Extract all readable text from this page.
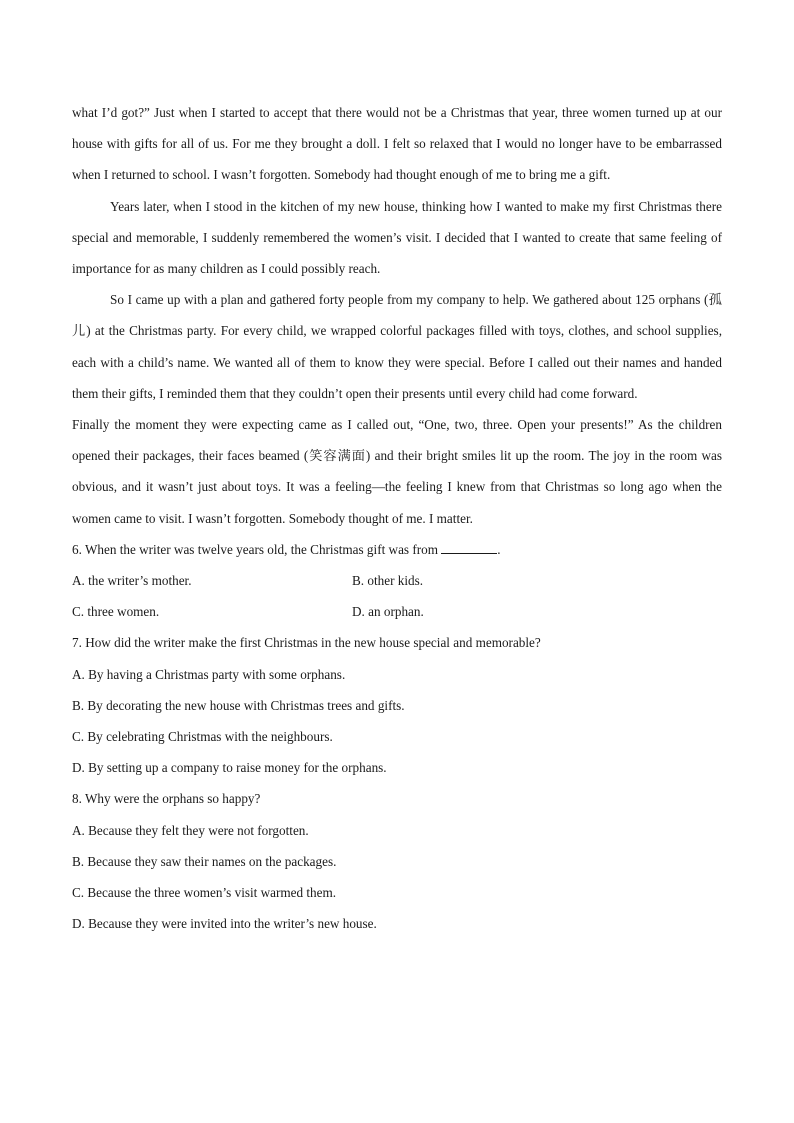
what I’d got?” Just when I started to accept that there would not be a Christmas that year, three women turned up at our house with gifts for all of us. For me they brought a doll. I felt so relaxed that I would no longer have to be embarrassed when I returned to school. I wasn’t forgotten. Somebody had thought enough of me to bring me a gift.

Years later, when I stood in the kitchen of my new house, thinking how I wanted to make my first Christmas there special and memorable, I suddenly remembered the women’s visit. I decided that I wanted to create that same feeling of importance for as many children as I could possibly reach.

So I came up with a plan and gathered forty people from my company to help. We gathered about 125 orphans (孤儿) at the Christmas party. For every child, we wrapped colorful packages filled with toys, clothes, and school supplies, each with a child’s name. We wanted all of them to know they were special. Before I called out their names and handed them their gifts, I reminded them that they couldn’t open their presents until every child had come forward.

Finally the moment they were expecting came as I called out, “One, two, three. Open your presents!” As the children opened their packages, their faces beamed (笑容满面) and their bright smiles lit up the room. The joy in the room was obvious, and it wasn’t just about toys. It was a feeling—the feeling I knew from that Christmas so long ago when the women came to visit. I wasn’t forgotten. Somebody thought of me. I matter.

6. When the writer was twelve years old, the Christmas gift was from	.

A. the writer’s mother.	B. other kids.
C. three women.	D. an orphan.

7. How did the writer make the first Christmas in the new house special and memorable?

A. By having a Christmas party with some orphans.

B. By decorating the new house with Christmas trees and gifts.

C. By celebrating Christmas with the neighbours.

D. By setting up a company to raise money for the orphans.

8. Why were the orphans so happy?

A. Because they felt they were not forgotten.

B. Because they saw their names on the packages.

C. Because the three women’s visit warmed them.

D. Because they were invited into the writer’s new house.
